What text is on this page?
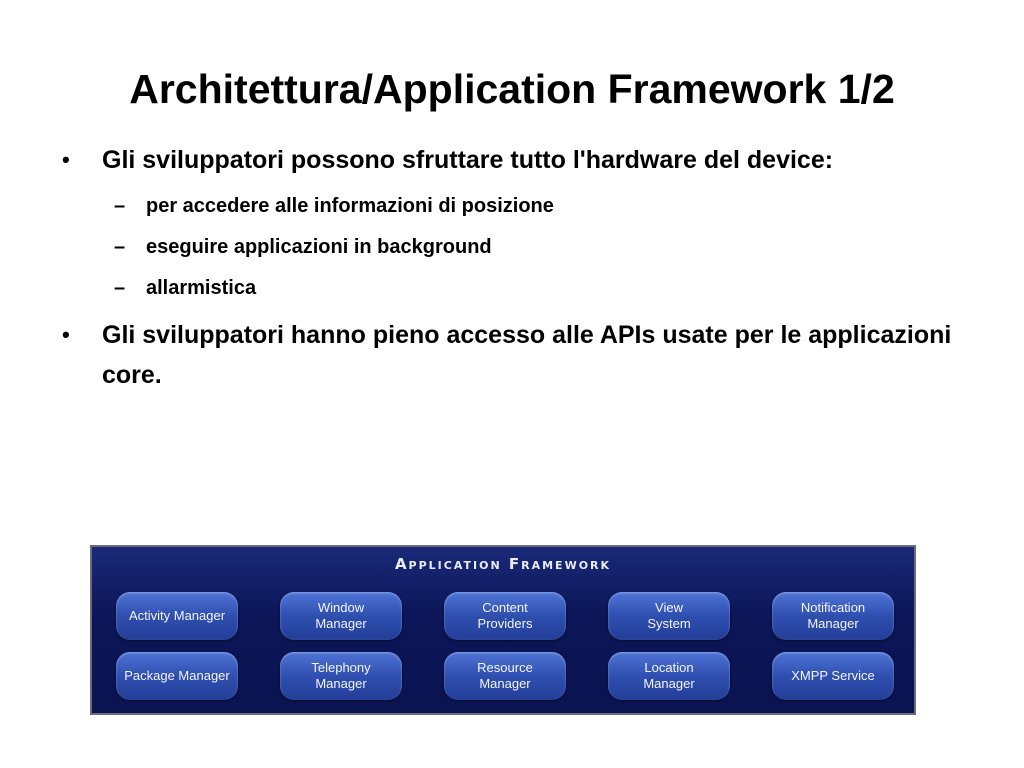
Architettura/Application Framework 1/2
• Gli sviluppatori possono sfruttare tutto l'hardware del device:
– per accedere alle informazioni di posizione
– eseguire applicazioni in background
– allarmistica
• Gli sviluppatori hanno pieno accesso alle APIs usate per le applicazioni core.
Application Framework
Activity Manager
Window
Manager
Content
Providers
View
System
Notification
Manager
Package Manager
Telephony
Manager
Resource
Manager
Location
Manager
XMPP Service
